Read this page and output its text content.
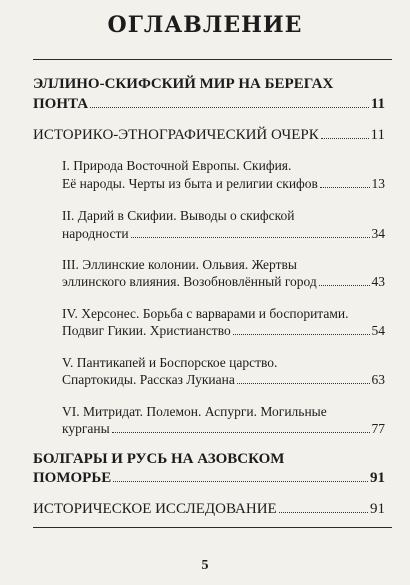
ОГЛАВЛЕНИЕ
ЭЛЛИНО-СКИФСКИЙ МИР НА БЕРЕГАХ
ПОНТА	11
ИСТОРИКО-ЭТНОГРАФИЧЕСКИЙ ОЧЕРК	11
I. Природа Восточной Европы. Скифия.
Её народы. Черты из быта и религии скифов	13
II. Дарий в Скифии. Выводы о скифской
народности	34
III. Эллинские колонии. Ольвия. Жертвы
эллинского влияния. Возобновлённый город	43
IV. Херсонес. Борьба с варварами и боспоритами.
Подвиг Гикии. Христианство	54
V. Пантикапей и Боспорское царство.
Спартокиды. Рассказ Лукиана	63
VI. Митридат. Полемон. Аспурги. Могильные
курганы	77
БОЛГАРЫ И РУСЬ НА АЗОВСКОМ
ПОМОРЬЕ	91
ИСТОРИЧЕСКОЕ ИССЛЕДОВАНИЕ	91
5
